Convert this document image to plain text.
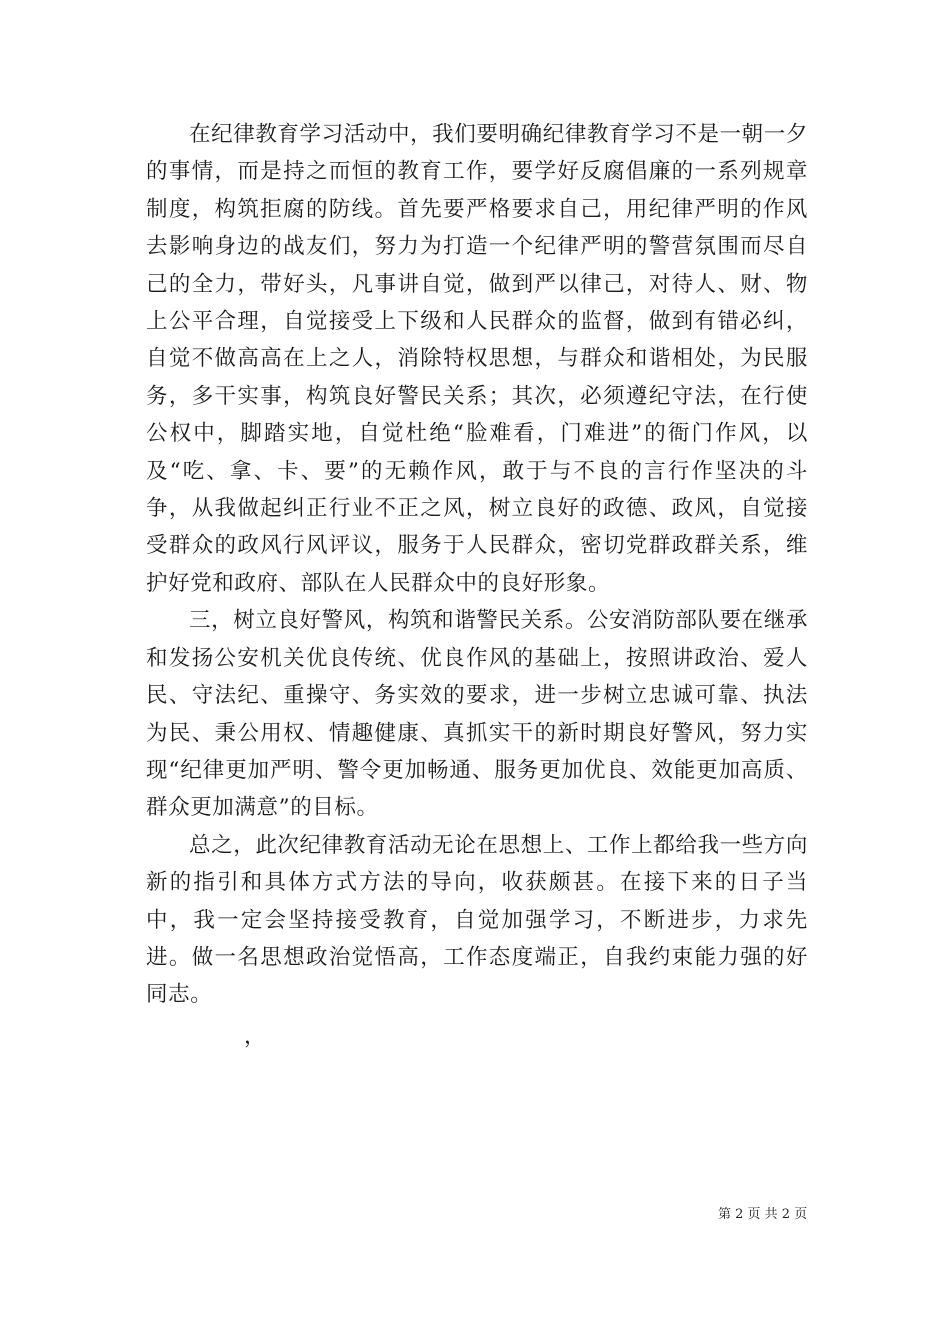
在纪律教育学习活动中，我们要明确纪律教育学习不是一朝一夕的事情，而是持之而恒的教育工作，要学好反腐倡廉的一系列规章制度，构筑拒腐的防线。首先要严格要求自己，用纪律严明的作风去影响身边的战友们，努力为打造一个纪律严明的警营氛围而尽自己的全力，带好头，凡事讲自觉，做到严以律己，对待人、财、物上公平合理，自觉接受上下级和人民群众的监督，做到有错必纠，自觉不做高高在上之人，消除特权思想，与群众和谐相处，为民服务，多干实事，构筑良好警民关系；其次，必须遵纪守法，在行使公权中，脚踏实地，自觉杜绝“脸难看，门难进”的衙门作风，以及“吃、拿、卡、要”的无赖作风，敢于与不良的言行作坚决的斗争，从我做起纠正行业不正之风，树立良好的政德、政风，自觉接受群众的政风行风评议，服务于人民群众，密切党群政群关系，维护好党和政府、部队在人民群众中的良好形象。

三，树立良好警风，构筑和谐警民关系。公安消防部队要在继承和发扬公安机关优良传统、优良作风的基础上，按照讲政治、爱人民、守法纪、重操守、务实效的要求，进一步树立忠诚可靠、执法为民、秉公用权、情趣健康、真抓实干的新时期良好警风，努力实现“纪律更加严明、警令更加畅通、服务更加优良、效能更加高质、群众更加满意”的目标。

总之，此次纪律教育活动无论在思想上、工作上都给我一些方向新的指引和具体方式方法的导向，收获颇甚。在接下来的日子当中，我一定会坚持接受教育，自觉加强学习，不断进步，力求先进。做一名思想政治觉悟高，工作态度端正，自我约束能力强的好同志。

，
第 2 页 共 2 页
